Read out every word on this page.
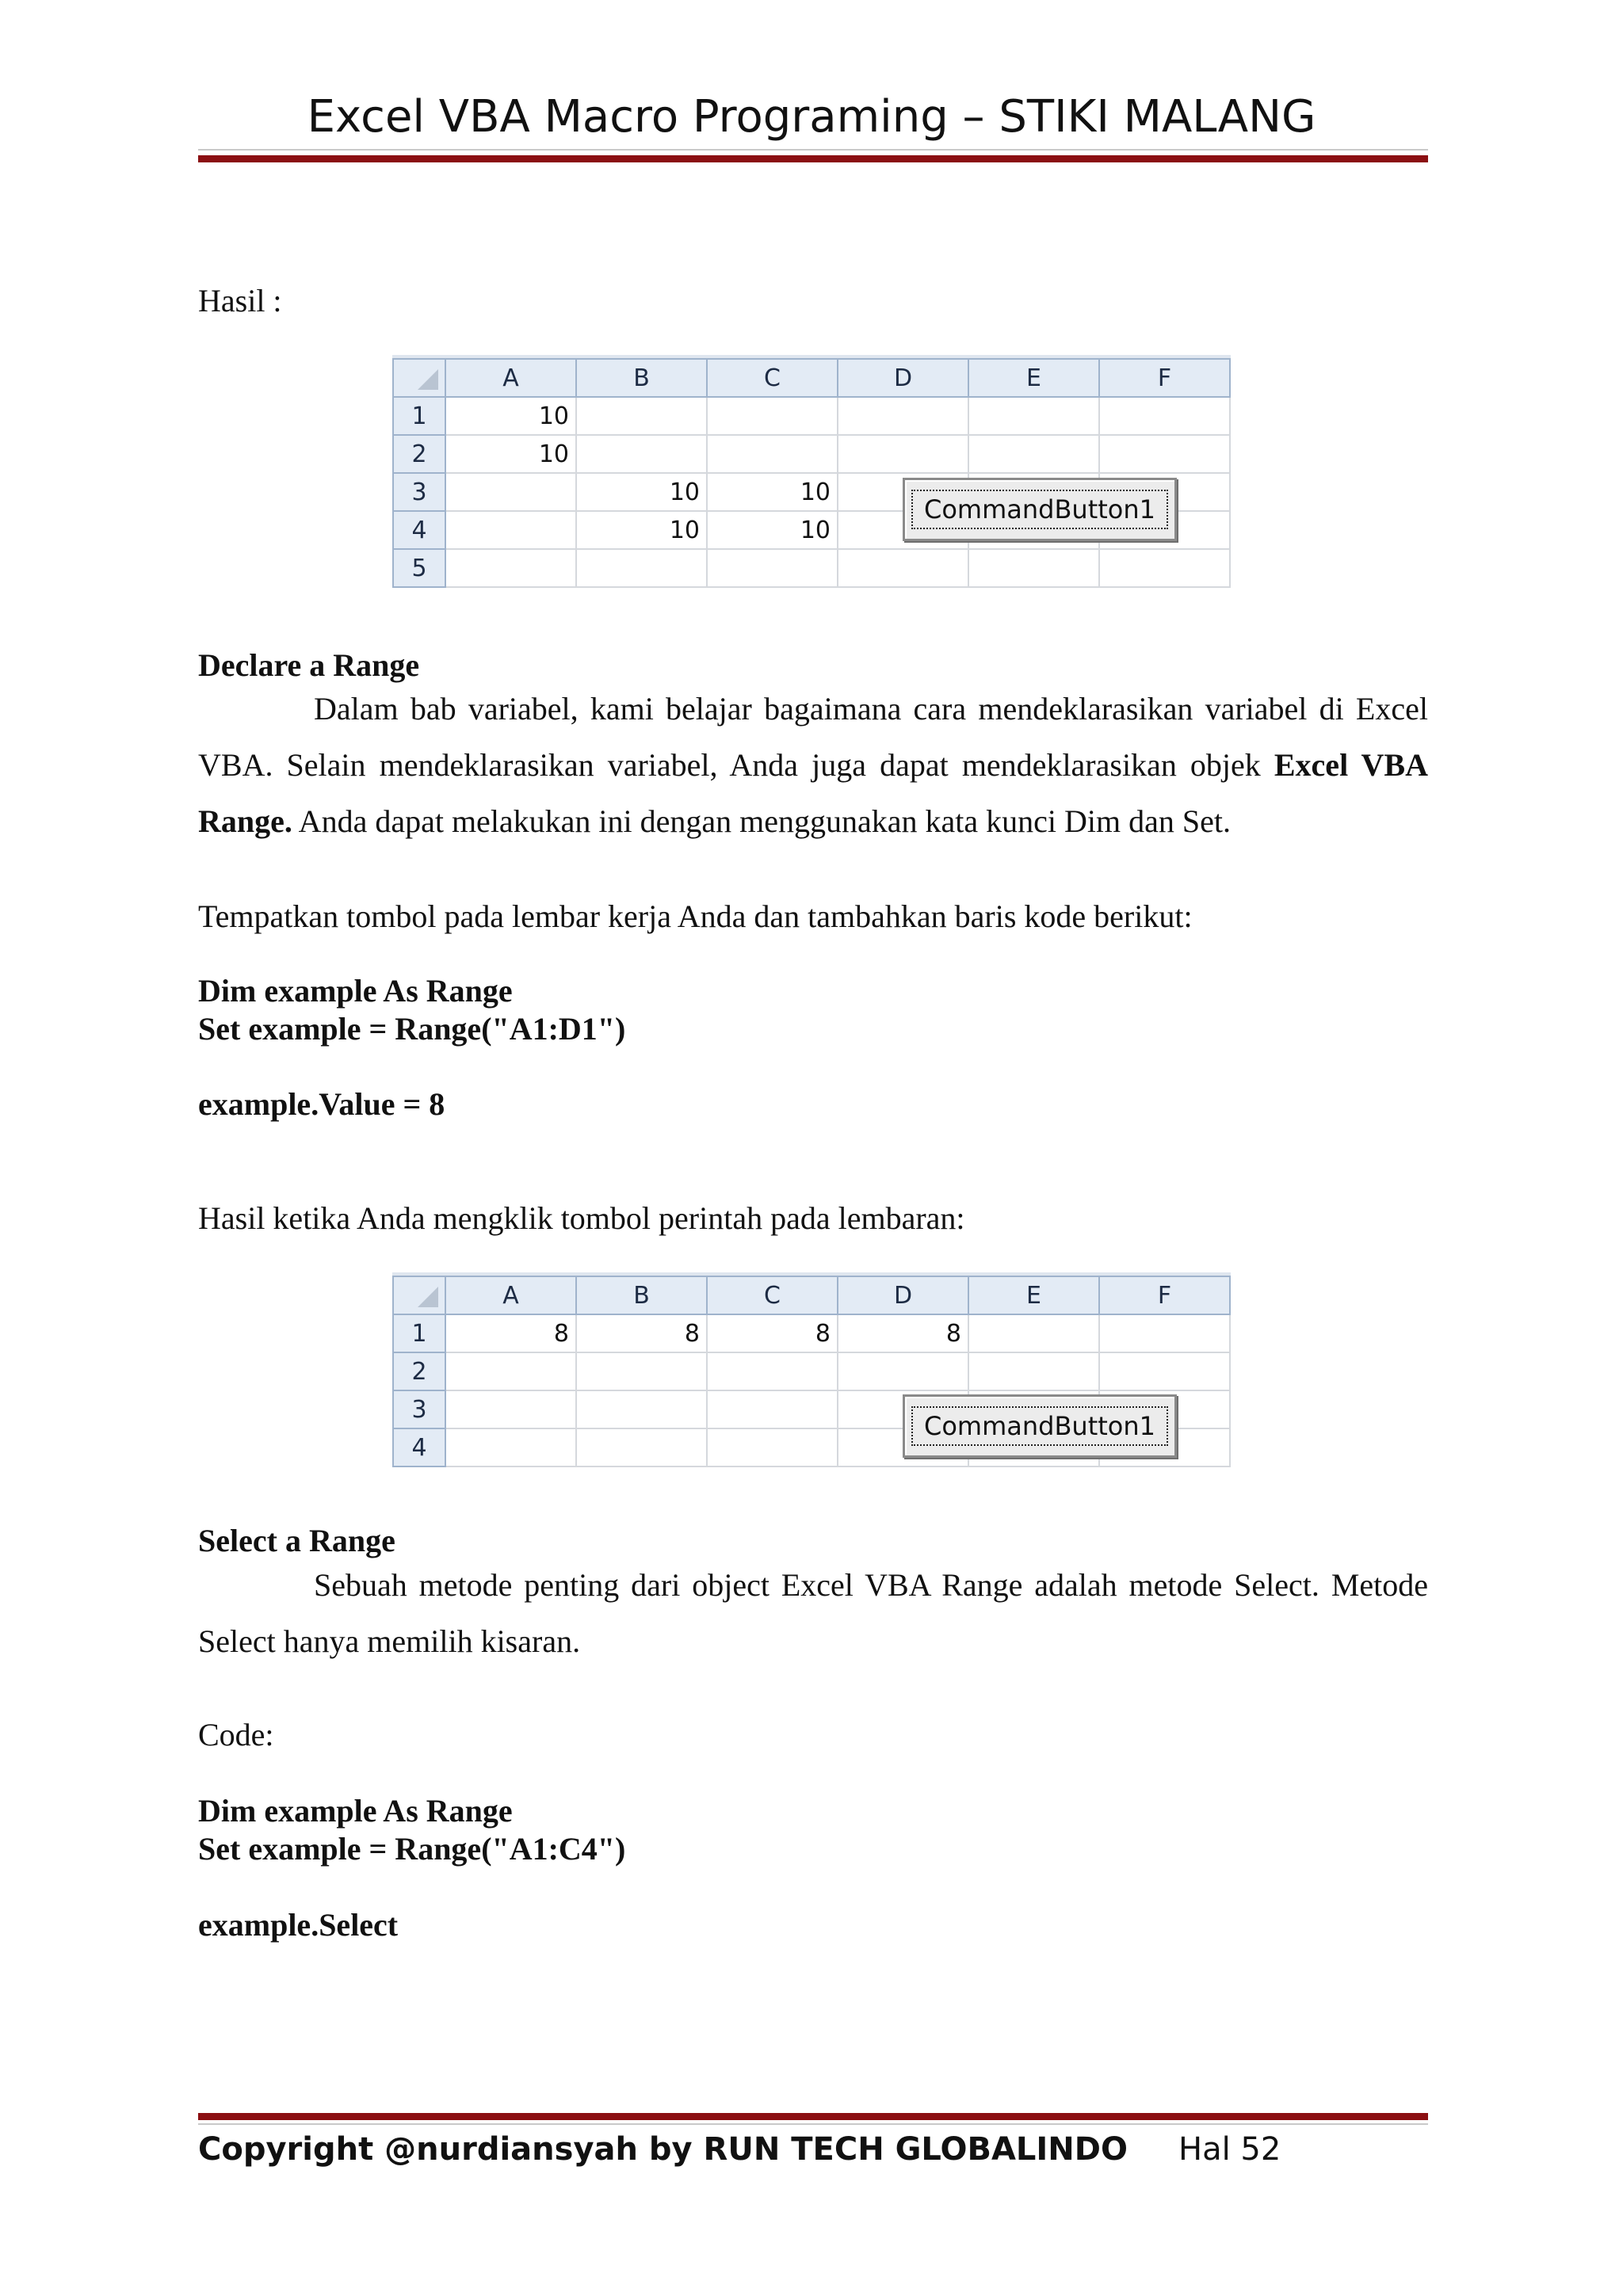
Excel VBA Macro Programing – STIKI MALANG
Hasil :
	A	B	C	D	E	F
1	10					
2	10					
3		10	10			
4		10	10			
5						
CommandButton1
Declare a Range
Dalam bab variabel, kami belajar bagaimana cara mendeklarasikan variabel di Excel VBA. Selain mendeklarasikan variabel, Anda juga dapat mendeklarasikan objek Excel VBA Range. Anda dapat melakukan ini dengan menggunakan kata kunci Dim dan Set.
Tempatkan tombol pada lembar kerja Anda dan tambahkan baris kode berikut:
Dim example As Range
Set example = Range("A1:D1")
example.Value = 8
Hasil ketika Anda mengklik tombol perintah pada lembaran:
	A	B	C	D	E	F
1	8	8	8	8		
2						
3						
4						
CommandButton1
Select a Range
Sebuah metode penting dari object Excel VBA Range adalah metode Select. Metode Select hanya memilih kisaran.
Code:
Dim example As Range
Set example = Range("A1:C4")
example.Select
Copyright @nurdiansyah by RUN TECH GLOBALINDO Hal 52
